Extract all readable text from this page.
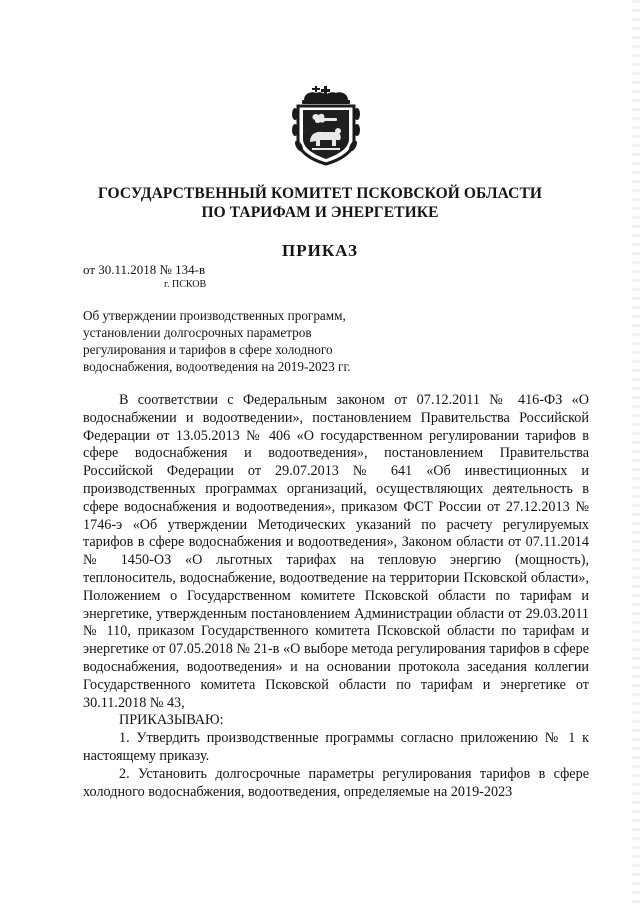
ГОСУДАРСТВЕННЫЙ КОМИТЕТ ПСКОВСКОЙ ОБЛАСТИ
ПО ТАРИФАМ И ЭНЕРГЕТИКЕ
ПРИКАЗ
от 30.11.2018 № 134-в
г. ПСКОВ
Об утверждении производственных программ,
установлении долгосрочных параметров
регулирования и тарифов в сфере холодного
водоснабжения, водоотведения на 2019-2023 гг.

В соответствии с Федеральным законом от 07.12.2011 № 416-ФЗ «О водоснабжении и водоотведении», постановлением Правительства Российской Федерации от 13.05.2013 № 406 «О государственном регулировании тарифов в сфере водоснабжения и водоотведения», постановлением Правительства Российской Федерации от 29.07.2013 № 641 «Об инвестиционных и производственных программах организаций, осуществляющих деятельность в сфере водоснабжения и водоотведения», приказом ФСТ России от 27.12.2013 № 1746-э «Об утверждении Методических указаний по расчету регулируемых тарифов в сфере водоснабжения и водоотведения», Законом области от 07.11.2014 № 1450-ОЗ «О льготных тарифах на тепловую энергию (мощность), теплоноситель, водоснабжение, водоотведение на территории Псковской области», Положением о Государственном комитете Псковской области по тарифам и энергетике, утвержденным постановлением Администрации области от 29.03.2011 № 110, приказом Государственного комитета Псковской области по тарифам и энергетике от 07.05.2018 № 21-в «О выборе метода регулирования тарифов в сфере водоснабжения, водоотведения» и на основании протокола заседания коллегии Государственного комитета Псковской области по тарифам и энергетике от 30.11.2018 № 43,

ПРИКАЗЫВАЮ:

1. Утвердить производственные программы согласно приложению № 1 к настоящему приказу.

2. Установить долгосрочные параметры регулирования тарифов в сфере холодного водоснабжения, водоотведения, определяемые на 2019-2023
